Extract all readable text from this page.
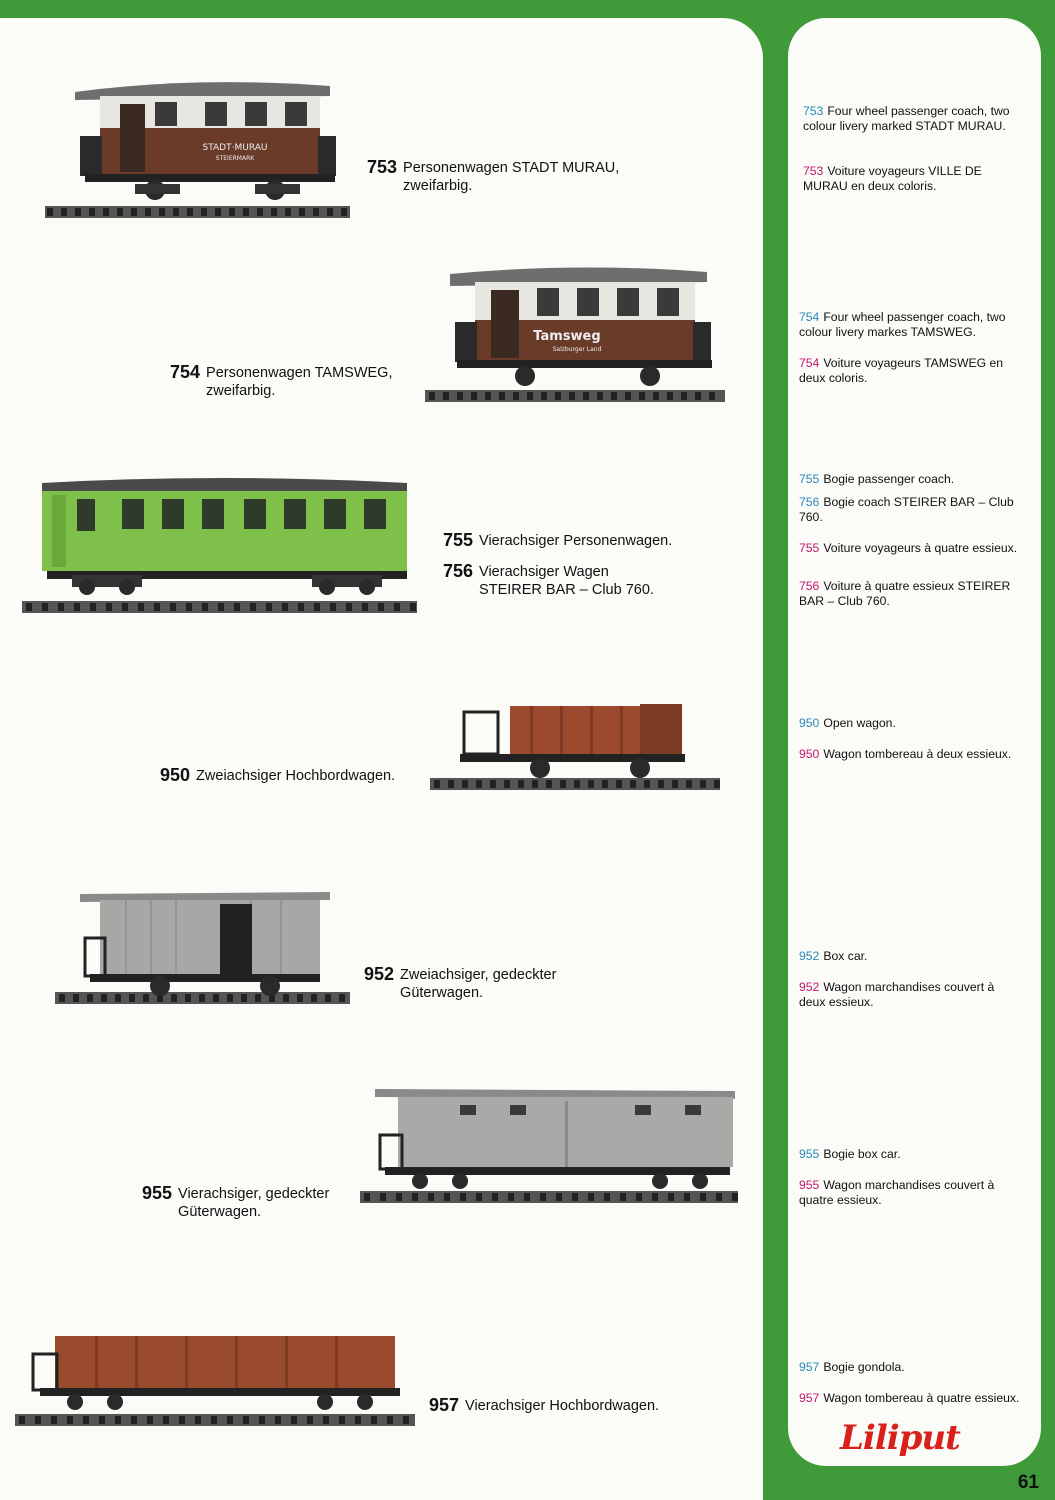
STADT·MURAU
STEIERMARK
Tamsweg
Salzburger Land
753 Personenwagen STADT MURAU,
zweifarbig.
754 Personenwagen TAMSWEG,
zweifarbig.
755 Vierachsiger Personenwagen.
756 Vierachsiger Wagen
STEIRER BAR – Club 760.
950 Zweiachsiger Hochbordwagen.
952 Zweiachsiger, gedeckter
Güterwagen.
955 Vierachsiger, gedeckter
Güterwagen.
957 Vierachsiger Hochbordwagen.
753 Four wheel passenger coach, two colour livery marked STADT MURAU.
753 Voiture voyageurs VILLE DE MURAU en deux coloris.
754 Four wheel passenger coach, two colour livery markes TAMSWEG.
754 Voiture voyageurs TAMSWEG en deux coloris.
755 Bogie passenger coach.
756 Bogie coach STEIRER BAR – Club 760.
755 Voiture voyageurs à quatre essieux.
756 Voiture à quatre essieux STEIRER BAR – Club 760.
950 Open wagon.
950 Wagon tombereau à deux essieux.
952 Box car.
952 Wagon marchandises couvert à deux essieux.
955 Bogie box car.
955 Wagon marchandises couvert à quatre essieux.
957 Bogie gondola.
957 Wagon tombereau à quatre essieux.
Liliput
61
